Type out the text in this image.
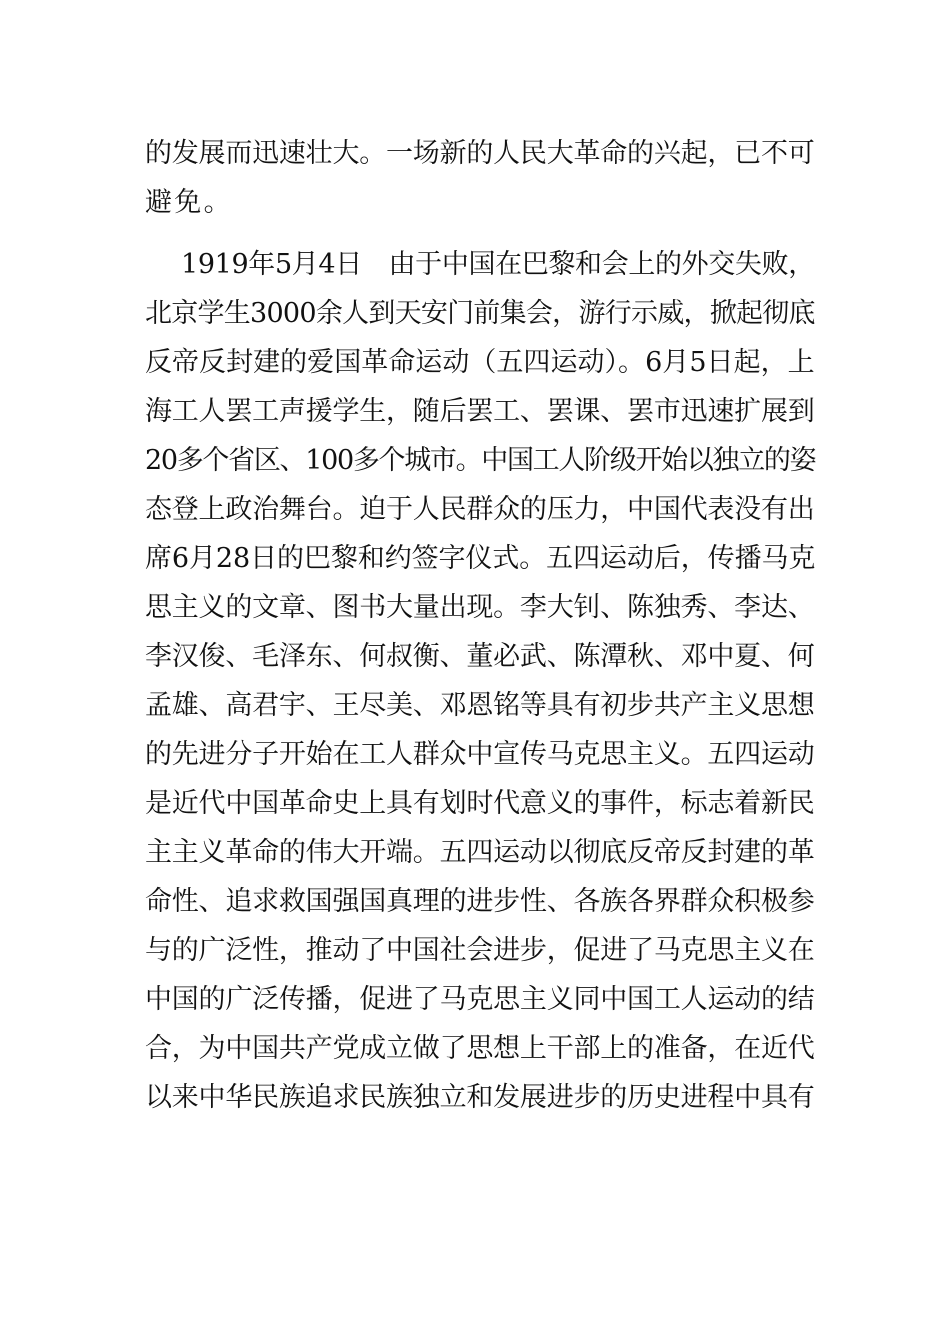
的发展而迅速壮大。一场新的人民大革命的兴起，已不可
避免。
1919年5月4日　由于中国在巴黎和会上的外交失败，
北京学生3000余人到天安门前集会，游行示威，掀起彻底
反帝反封建的爱国革命运动（五四运动）。6月5日起，上
海工人罢工声援学生，随后罢工、罢课、罢市迅速扩展到
20多个省区、100多个城市。中国工人阶级开始以独立的姿
态登上政治舞台。迫于人民群众的压力，中国代表没有出
席6月28日的巴黎和约签字仪式。五四运动后，传播马克
思主义的文章、图书大量出现。李大钊、陈独秀、李达、
李汉俊、毛泽东、何叔衡、董必武、陈潭秋、邓中夏、何
孟雄、高君宇、王尽美、邓恩铭等具有初步共产主义思想
的先进分子开始在工人群众中宣传马克思主义。五四运动
是近代中国革命史上具有划时代意义的事件，标志着新民
主主义革命的伟大开端。五四运动以彻底反帝反封建的革
命性、追求救国强国真理的进步性、各族各界群众积极参
与的广泛性，推动了中国社会进步，促进了马克思主义在
中国的广泛传播，促进了马克思主义同中国工人运动的结
合，为中国共产党成立做了思想上干部上的准备，在近代
以来中华民族追求民族独立和发展进步的历史进程中具有
